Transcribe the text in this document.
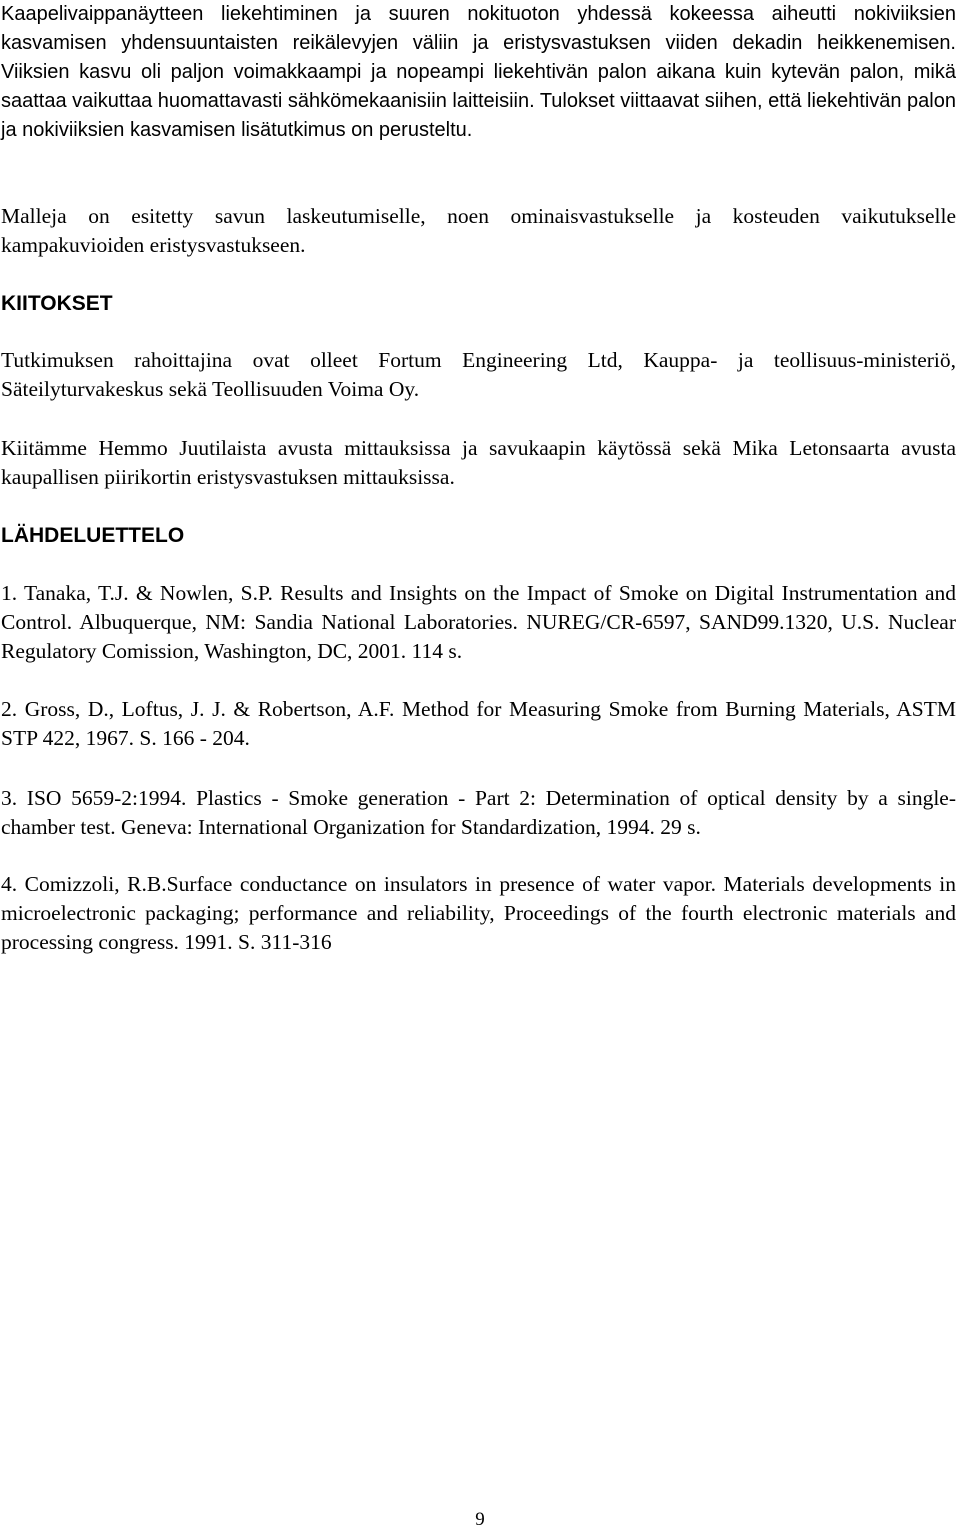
Kaapelivaippanäytteen liekehtiminen ja suuren nokituoton yhdessä kokeessa aiheutti nokiviiksien kasvamisen yhdensuuntaisten reikälevyjen väliin ja eristysvastuksen viiden dekadin heikkenemisen. Viiksien kasvu oli paljon voimakkaampi ja nopeampi liekehtivän palon aikana kuin kytevän palon, mikä saattaa vaikuttaa huomattavasti sähkömekaanisiin laitteisiin. Tulokset viittaavat siihen, että liekehtivän palon ja nokiviiksien kasvamisen lisätutkimus on perusteltu.

Malleja on esitetty savun laskeutumiselle, noen ominaisvastukselle ja kosteuden vaikutukselle kampakuvioiden eristysvastukseen.

KIITOKSET

Tutkimuksen rahoittajina ovat olleet Fortum Engineering Ltd, Kauppa- ja teollisuus-ministeriö, Säteilyturvakeskus sekä Teollisuuden Voima Oy.

Kiitämme Hemmo Juutilaista avusta mittauksissa ja savukaapin käytössä sekä Mika Letonsaarta avusta kaupallisen piirikortin eristysvastuksen mittauksissa.

LÄHDELUETTELO

1. Tanaka, T.J. & Nowlen, S.P. Results and Insights on the Impact of Smoke on Digital Instrumentation and Control. Albuquerque, NM: Sandia National Laboratories. NUREG/CR-6597, SAND99.1320, U.S. Nuclear Regulatory Comission, Washington, DC, 2001. 114 s.

2. Gross, D., Loftus, J. J. & Robertson, A.F. Method for Measuring Smoke from Burning Materials, ASTM STP 422, 1967. S. 166 - 204.

3. ISO 5659-2:1994. Plastics - Smoke generation - Part 2: Determination of optical density by a single-chamber test. Geneva: International Organization for Standardization, 1994. 29 s.

4. Comizzoli, R.B.Surface conductance on insulators in presence of water vapor. Materials developments in microelectronic packaging; performance and reliability, Proceedings of the fourth electronic materials and processing congress. 1991. S. 311-316

9
